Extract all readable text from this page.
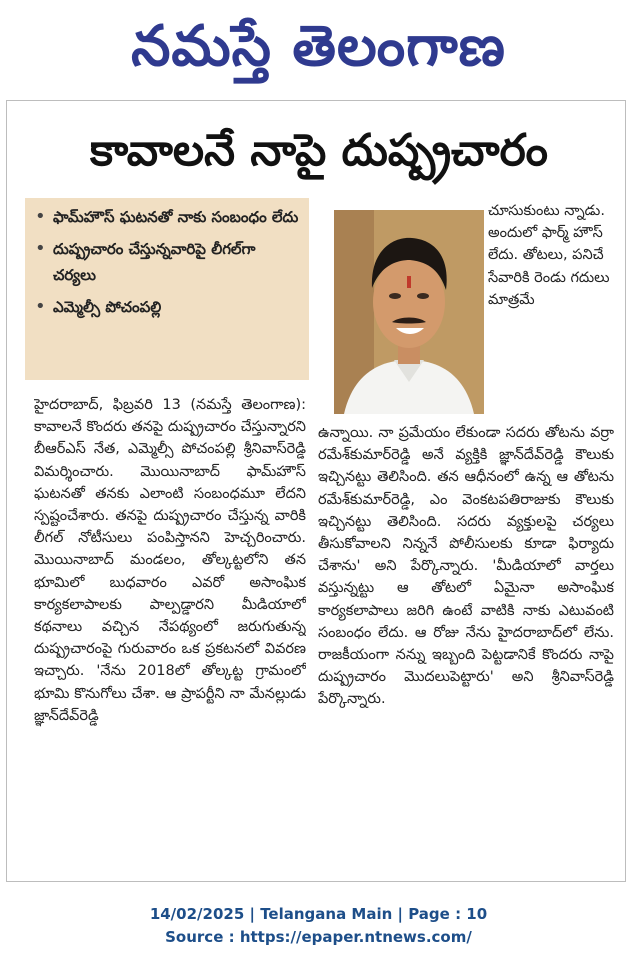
నమస్తే తెలంగాణ
కావాలనే నాపై దుష్ప్రచారం
• ఫామ్‌హౌస్ ఘటనతో నాకు సంబంధం లేదు
• దుష్ప్రచారం చేస్తున్నవారిపై లీగల్‌గా చర్యలు
• ఎమ్మెల్సీ పోచంపల్లి
చూసుకుంటు న్నాడు. అందులో ఫార్మ్ హౌస్ లేదు. తోటలు, పనిచే సేవారికి రెండు గదులు మాత్రమే
హైదరాబాద్, ఫిబ్రవరి 13 (నమస్తే తెలంగాణ): కావాలనే కొందరు తనపై దుష్ప్రచారం చేస్తున్నారని బీఆర్ఎస్ నేత, ఎమ్మెల్సీ పోచంపల్లి శ్రీనివాస్‌రెడ్డి విమర్శించారు. మొయినాబాద్ ఫామ్‌హౌస్ ఘటనతో తనకు ఎలాంటి సంబంధమూ లేదని స్పష్టంచేశారు. తనపై దుష్ప్రచారం చేస్తున్న వారికి లీగల్ నోటీసులు పంపిస్తానని హెచ్చరించారు. మొయినాబాద్ మండలం, తోల్కట్టలోని తన భూమిలో బుధవారం ఎవరో అసాంఘిక కార్యకలాపాలకు పాల్పడ్డారని మీడియాలో కథనాలు వచ్చిన నేపథ్యంలో జరుగుతున్న దుష్ప్రచారంపై గురువారం ఒక ప్రకటనలో వివరణ ఇచ్చారు. 'నేను 2018లో తోల్కట్ట గ్రామంలో భూమి కొనుగోలు చేశా. ఆ ప్రాపర్టీని నా మేనల్లుడు జ్ఞాన్‌దేవ్‌రెడ్డి
ఉన్నాయి. నా ప్రమేయం లేకుండా సదరు తోటను వర్రా రమేశ్‌కుమార్‌రెడ్డి అనే వ్యక్తికి జ్ఞాన్‌దేవ్‌రెడ్డి కౌలుకు ఇచ్చినట్టు తెలిసింది. తన ఆధీనంలో ఉన్న ఆ తోటను రమేశ్‌కుమార్‌రెడ్డి, ఎం వెంకటపతిరాజుకు కౌలుకు ఇచ్చినట్టు తెలిసింది. సదరు వ్యక్తులపై చర్యలు తీసుకోవాలని నిన్ననే పోలీసులకు కూడా ఫిర్యాదు చేశాను' అని పేర్కొన్నారు. 'మీడియాలో వార్తలు వస్తున్నట్టు ఆ తోటలో ఏమైనా అసాంఘిక కార్యకలాపాలు జరిగి ఉంటే వాటికి నాకు ఎటువంటి సంబంధం లేదు. ఆ రోజు నేను హైదరాబాద్‌లో లేను. రాజకీయంగా నన్ను ఇబ్బంది పెట్టడానికే కొందరు నాపై దుష్ప్రచారం మొదలుపెట్టారు' అని శ్రీనివాస్‌రెడ్డి పేర్కొన్నారు.
14/02/2025 | Telangana Main | Page : 10
Source : https://epaper.ntnews.com/
